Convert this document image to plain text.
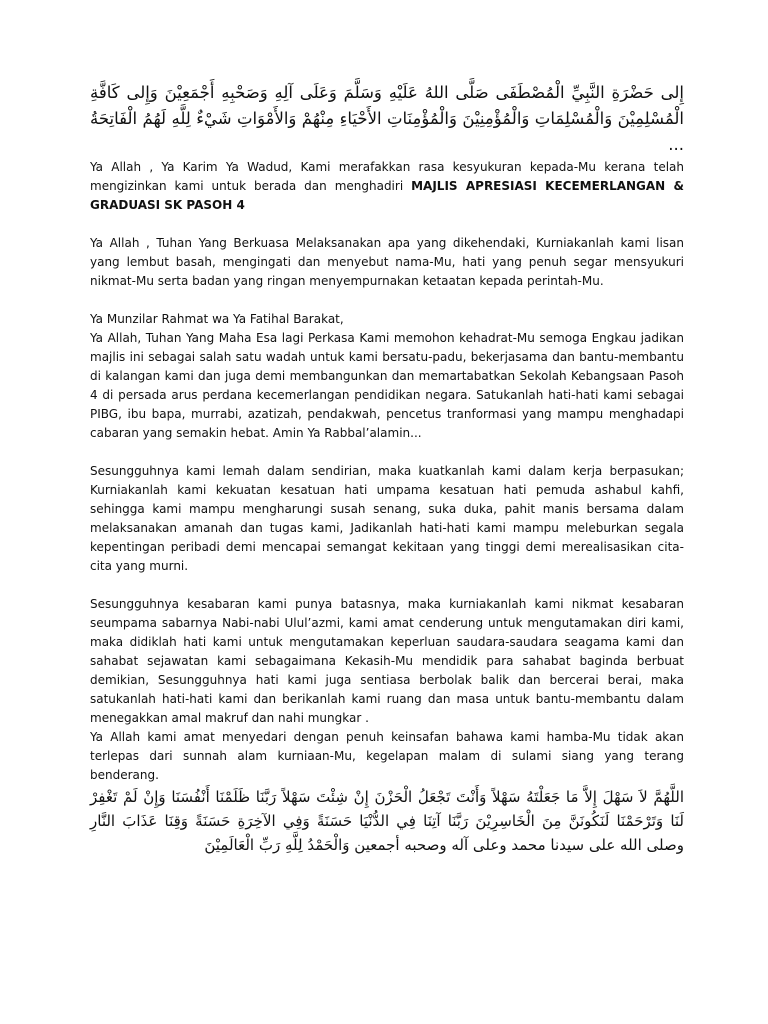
إِلى حَضْرَةِ النَّبِيِّ الْمُصْطَفَى صَلَّى اللهُ عَلَيْهِ وَسَلَّمَ وَعَلَى آلِهِ وَصَحْبِهِ أَجْمَعِيْنَ وَإِلى كَافَّةِ الْمُسْلِمِيْنَ وَالْمُسْلِمَاتِ وَالْمُؤْمِنِيْنَ وَالْمُؤْمِنَاتِ الأَحْيَاءِ مِنْهُمْ وَالأَمْوَاتِ شَيْءٌ لِلَّهِ لَهُمُ الْفَاتِحَةُ ...

Ya Allah , Ya Karim Ya Wadud, Kami merafakkan rasa kesyukuran kepada-Mu kerana telah mengizinkan kami untuk berada dan menghadiri MAJLIS APRESIASI KECEMERLANGAN & GRADUASI SK PASOH 4

Ya Allah , Tuhan Yang Berkuasa Melaksanakan apa yang dikehendaki, Kurniakanlah kami lisan yang lembut basah, mengingati dan menyebut nama-Mu, hati yang penuh segar mensyukuri nikmat-Mu serta badan yang ringan menyempurnakan ketaatan kepada perintah-Mu.

Ya Munzilar Rahmat wa Ya Fatihal Barakat,

Ya Allah, Tuhan Yang Maha Esa lagi Perkasa Kami memohon kehadrat-Mu semoga Engkau jadikan majlis ini sebagai salah satu wadah untuk kami bersatu-padu, bekerjasama dan bantu-membantu di kalangan kami dan juga demi membangunkan dan memartabatkan Sekolah Kebangsaan Pasoh 4 di persada arus perdana kecemerlangan pendidikan negara. Satukanlah hati-hati kami sebagai PIBG, ibu bapa, murrabi, azatizah, pendakwah, pencetus tranformasi yang mampu menghadapi cabaran yang semakin hebat. Amin Ya Rabbal’alamin...

Sesungguhnya kami lemah dalam sendirian, maka kuatkanlah kami dalam kerja berpasukan; Kurniakanlah kami kekuatan kesatuan hati umpama kesatuan hati pemuda ashabul kahfi, sehingga kami mampu mengharungi susah senang, suka duka, pahit manis bersama dalam melaksanakan amanah dan tugas kami, Jadikanlah hati-hati kami mampu meleburkan segala kepentingan peribadi demi mencapai semangat kekitaan yang tinggi demi merealisasikan cita-cita yang murni.

Sesungguhnya kesabaran kami punya batasnya, maka kurniakanlah kami nikmat kesabaran seumpama sabarnya Nabi-nabi Ulul’azmi, kami amat cenderung untuk mengutamakan diri kami, maka didiklah hati kami untuk mengutamakan keperluan saudara-saudara seagama kami dan sahabat sejawatan kami sebagaimana Kekasih-Mu mendidik para sahabat baginda berbuat demikian, Sesungguhnya hati kami juga sentiasa berbolak balik dan bercerai berai, maka satukanlah hati-hati kami dan berikanlah kami ruang dan masa untuk bantu-membantu dalam menegakkan amal makruf dan nahi mungkar .

Ya Allah kami amat menyedari dengan penuh keinsafan bahawa kami hamba-Mu tidak akan terlepas dari sunnah alam kurniaan-Mu, kegelapan malam di sulami siang yang terang benderang.

اللَّهُمَّ لاَ سَهْلَ إِلاَّ مَا جَعَلْتَهُ سَهْلاً وَأَنْتَ تَجْعَلُ الْحَزْنَ إِنْ شِئْتَ سَهْلاً رَبَّنَا ظَلَمْنَا أَنْفُسَنَا وَإِنْ لَمْ تَغْفِرْ لَنَا وَتَرْحَمْنَا لَنَكُونَنَّ مِنَ الْخَاسِرِيْنَ رَبَّنَا آتِنَا فِي الدُّنْيَا حَسَنَةً وَفِي الآخِرَةِ حَسَنَةً وَقِنَا عَذَابَ النَّارِ وصلى الله على سيدنا محمد وعلى آله وصحبه أجمعين وَالْحَمْدُ لِلَّهِ رَبِّ الْعَالَمِيْنَ
